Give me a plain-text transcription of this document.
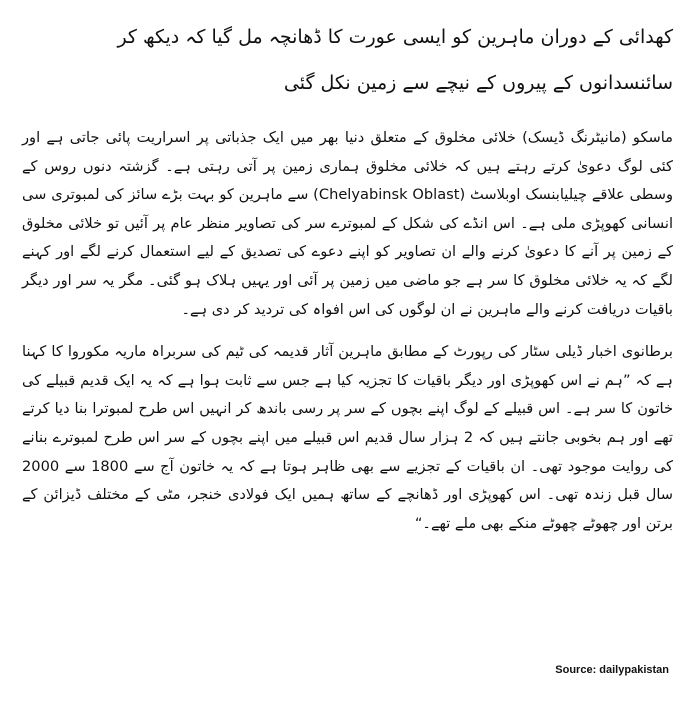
کھدائی کے دوران ماہرین کو ایسی عورت کا ڈھانچہ مل گیا کہ دیکھ کر سائنسدانوں کے پیروں کے نیچے سے زمین نکل گئی

ماسکو (مانیٹرنگ ڈیسک) خلائی مخلوق کے متعلق دنیا بھر میں ایک جذباتی پر اسراریت پائی جاتی ہے اور کئی لوگ دعویٰ کرتے رہتے ہیں کہ خلائی مخلوق ہماری زمین پر آتی رہتی ہے۔ گزشتہ دنوں روس کے وسطی علاقے چیلیابنسک اوبلاسٹ (Chelyabinsk Oblast) سے ماہرین کو بہت بڑے سائز کی لمبوتری سی انسانی کھوپڑی ملی ہے۔ اس انڈے کی شکل کے لمبوترے سر کی تصاویر منظر عام پر آئیں تو خلائی مخلوق کے زمین پر آنے کا دعویٰ کرنے والے ان تصاویر کو اپنے دعوے کی تصدیق کے لیے استعمال کرنے لگے اور کہنے لگے کہ یہ خلائی مخلوق کا سر ہے جو ماضی میں زمین پر آئی اور یہیں ہلاک ہو گئی۔ مگر یہ سر اور دیگر باقیات دریافت کرنے والے ماہرین نے ان لوگوں کی اس افواہ کی تردید کر دی ہے۔

برطانوی اخبار ڈیلی سٹار کی رپورٹ کے مطابق ماہرین آثار قدیمہ کی ٹیم کی سربراہ ماریہ مکوروا کا کہنا ہے کہ ”ہم نے اس کھوپڑی اور دیگر باقیات کا تجزیہ کیا ہے جس سے ثابت ہوا ہے کہ یہ ایک قدیم قبیلے کی خاتون کا سر ہے۔ اس قبیلے کے لوگ اپنے بچوں کے سر پر رسی باندھ کر انہیں اس طرح لمبوترا بنا دیا کرتے تھے اور ہم بخوبی جانتے ہیں کہ 2 ہزار سال قدیم اس قبیلے میں اپنے بچوں کے سر اس طرح لمبوترے بنانے کی روایت موجود تھی۔ ان باقیات کے تجزیے سے بھی ظاہر ہوتا ہے کہ یہ خاتون آج سے 1800 سے 2000 سال قبل زندہ تھی۔ اس کھوپڑی اور ڈھانچے کے ساتھ ہمیں ایک فولادی خنجر، مٹی کے مختلف ڈیزائن کے برتن اور چھوٹے چھوٹے منکے بھی ملے تھے۔“

Source: dailypakistan
